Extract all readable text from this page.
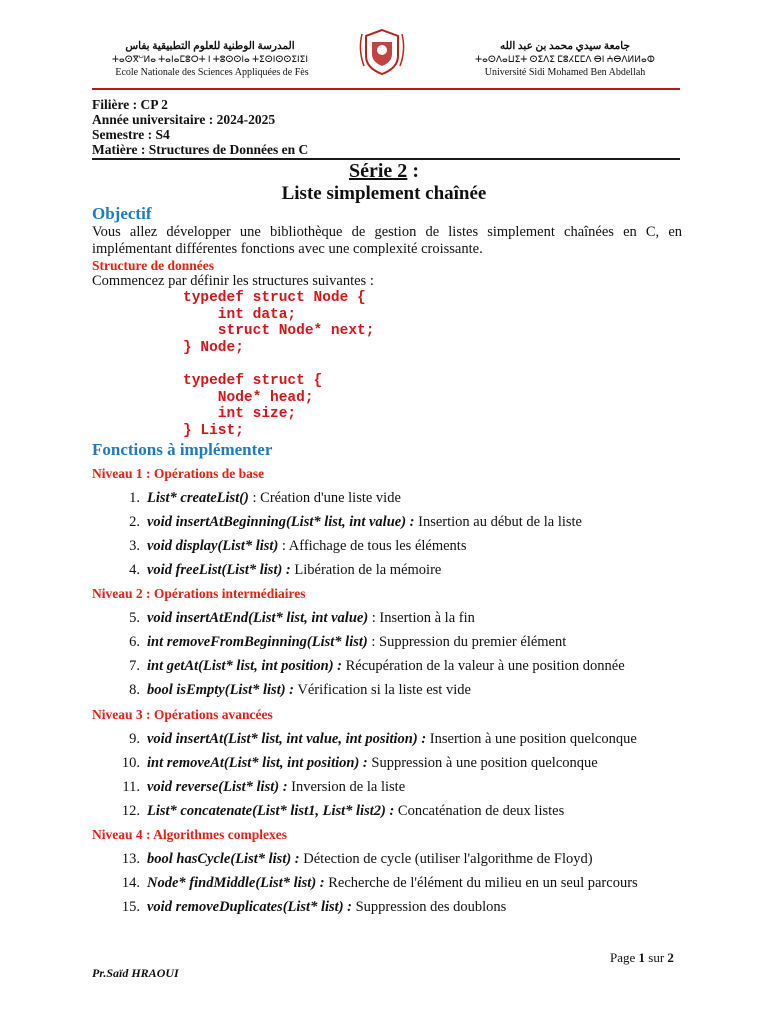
المدرسة الوطنية للعلوم التطبيقية بفاس
ⵜⴰⵙⴳⵯⵍⴰ ⵜⴰⵏⴰⵎⵓⵔⵜ ⵏ ⵜⵓⵙⵙⵏⴰ ⵜⵉⵙⵏⵙⵙⵉⵏⵉⵏ
Ecole Nationale des Sciences Appliquées de Fès
جامعة سيدي محمد بن عبد الله
ⵜⴰⵙⴷⴰⵡⵉⵜ ⵙⵉⴷⵉ ⵎⵓⵃⵎⵎⴷ ⴱⵏ ⵄⴱⴷⵍⵍⴰⵀ
Université Sidi Mohamed Ben Abdellah
Filière : CP 2
Année universitaire : 2024-2025
Semestre : S4
Matière : Structures de Données en C
Série 2 :
Liste simplement chaînée
Objectif
Vous allez développer une bibliothèque de gestion de listes simplement chaînées en C, en implémentant différentes fonctions avec une complexité croissante.
Structure de données
Commencez par définir les structures suivantes :
typedef struct Node {
int data;
struct Node* next;
} Node;
typedef struct {
Node* head;
int size;
} List;
Fonctions à implémenter
Niveau 1 : Opérations de base
1. List* createList() : Création d'une liste vide
2. void insertAtBeginning(List* list, int value) : Insertion au début de la liste
3. void display(List* list) : Affichage de tous les éléments
4. void freeList(List* list) : Libération de la mémoire
Niveau 2 : Opérations intermédiaires
5. void insertAtEnd(List* list, int value) : Insertion à la fin
6. int removeFromBeginning(List* list) : Suppression du premier élément
7. int getAt(List* list, int position) : Récupération de la valeur à une position donnée
8. bool isEmpty(List* list) : Vérification si la liste est vide
Niveau 3 : Opérations avancées
9. void insertAt(List* list, int value, int position) : Insertion à une position quelconque
10. int removeAt(List* list, int position) : Suppression à une position quelconque
11. void reverse(List* list) : Inversion de la liste
12. List* concatenate(List* list1, List* list2) : Concaténation de deux listes
Niveau 4 : Algorithmes complexes
13. bool hasCycle(List* list) : Détection de cycle (utiliser l'algorithme de Floyd)
14. Node* findMiddle(List* list) : Recherche de l'élément du milieu en un seul parcours
15. void removeDuplicates(List* list) : Suppression des doublons
Page 1 sur 2
Pr.Saïd HRAOUI
